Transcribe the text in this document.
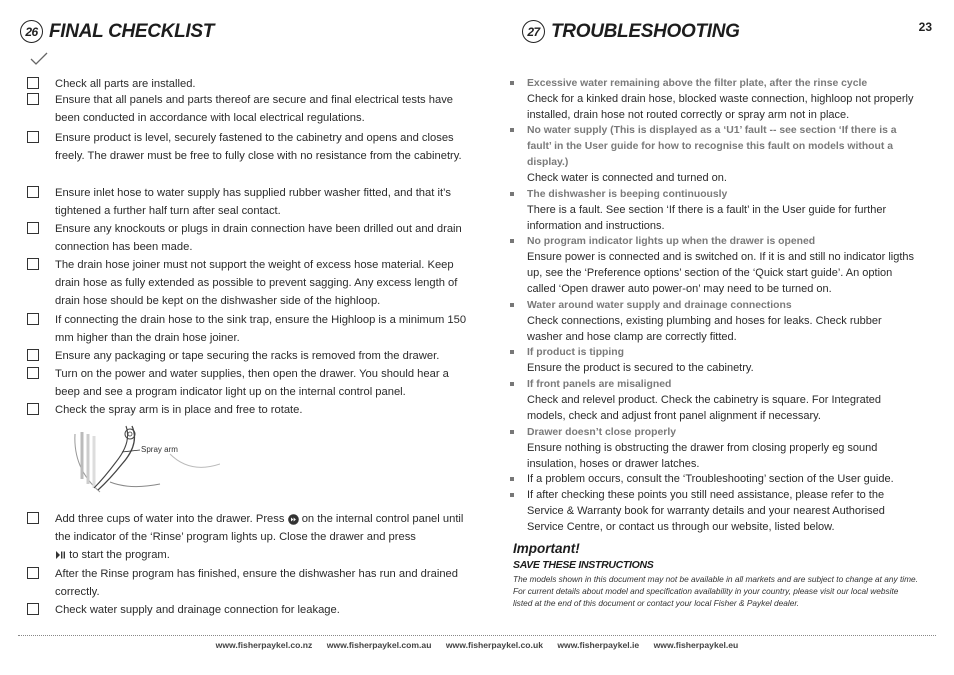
26 FINAL CHECKLIST	27 TROUBLESHOOTING	23
Check all parts are installed.
Ensure that all panels and parts thereof are secure and final electrical tests have been conducted in accordance with local electrical regulations.
Ensure product is level, securely fastened to the cabinetry and opens and closes freely. The drawer must be free to fully close with no resistance from the cabinetry.
Ensure inlet hose to water supply has supplied rubber washer fitted, and that it’s tightened a further half turn after seal contact.
Ensure any knockouts or plugs in drain connection have been drilled out and drain connection has been made.
The drain hose joiner must not support the weight of excess hose material. Keep drain hose as fully extended as possible to prevent sagging. Any excess length of drain hose should be kept on the dishwasher side of the highloop.
If connecting the drain hose to the sink trap, ensure the Highloop is a minimum 150 mm higher than the drain hose joiner.
Ensure any packaging or tape securing the racks is removed from the drawer.
Turn on the power and water supplies, then open the drawer. You should hear a beep and see a program indicator light up on the internal control panel.
Check the spray arm is in place and free to rotate.
Spray arm
Add three cups of water into the drawer. Press on the internal control panel until the indicator of the ‘Rinse’ program lights up. Close the drawer and press
to start the program.
After the Rinse program has finished, ensure the dishwasher has run and drained correctly.
Check water supply and drainage connection for leakage.
Excessive water remaining above the filter plate, after the rinse cycle
Check for a kinked drain hose, blocked waste connection, highloop not properly installed, drain hose not routed correctly or spray arm not in place.
No water supply (This is displayed as a ‘U1’ fault -- see section ‘If there is a fault’ in the User guide for how to recognise this fault on models without a display.)
Check water is connected and turned on.
The dishwasher is beeping continuously
There is a fault. See section ‘If there is a fault’ in the User guide for further information and instructions.
No program indicator lights up when the drawer is opened
Ensure power is connected and is switched on. If it is and still no indicator ligths up, see the ‘Preference options’ section of the ‘Quick start guide’. An option called ‘Open drawer auto power-on’ may need to be turned on.
Water around water supply and drainage connections
Check connections, existing plumbing and hoses for leaks. Check rubber washer and hose clamp are correctly fitted.
If product is tipping
Ensure the product is secured to the cabinetry.
If front panels are misaligned
Check and relevel product. Check the cabinetry is square. For Integrated models, check and adjust front panel alignment if necessary.
Drawer doesn’t close properly
Ensure nothing is obstructing the drawer from closing properly eg sound insulation, hoses or drawer latches.
If a problem occurs, consult the ‘Troubleshooting’ section of the User guide.
If after checking these points you still need assistance, please refer to the Service & Warranty book for warranty details and your nearest Authorised Service Centre, or contact us through our website, listed below.
Important!
SAVE THESE INSTRUCTIONS
The models shown in this document may not be available in all markets and are subject to change at any time. For current details about model and specification availability in your country, please visit our local website listed at the end of this document or contact your local Fisher & Paykel dealer.
www.fisherpaykel.co.nz www.fisherpaykel.com.au www.fisherpaykel.co.uk www.fisherpaykel.ie www.fisherpaykel.eu
